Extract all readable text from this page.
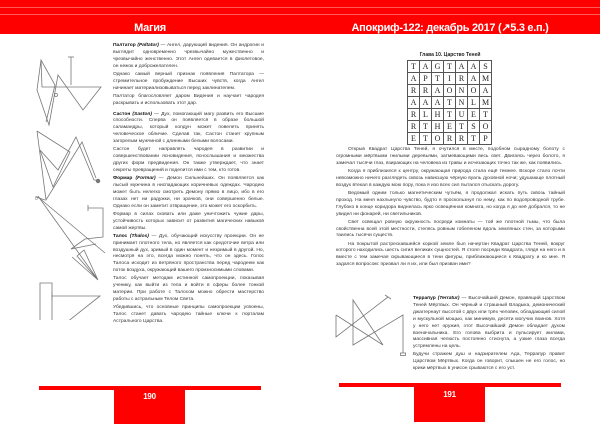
Магия
0

Палтатор (Paltator) — Ангел, дарующий видения. Он андрогин и выглядит одновременно чрезвычайно мужественно и чрезвычайно женственно. Этот Ангел одевается в фиолетовое, он нежок и доброжелателен.

Однако самый верный признак появления Палтатора — стремительное пробуждение Высших чувств, когда Ангел начинает материализовываться перед заклинателем.

Палтатор благословляет даром Видения и научает чародея раскрывать и использовать этот дар.

Састон (Saston) — Дух, помогающий магу развить его Высшие способности. Сперва он появляется в образе большой саламандры, который колдун может повелеть принять человеческое обличие. Сделав так, Састон станет крупным загорелым мужчиной с длинными белыми волосами.

Састон будет направлять чародея в развитии и совершенствовании ясновидения, ясноcлышания и множества других форм предвидения. Он также утверждает, что знает секреты превращений и поделится ими с тем, кто готов.

Формар (Formar) — Демон Сильнейших. Он появляется как лысый мужчина в ниспадающих коричневых одеждах. Чародею может быть нелегко смотреть Демону прямо в лицо, ибо в его глазах нет ни радужки, ни зрачков, они совершенно белые. Однако если он заметит отвращение, это может его оскорбить.

Формар в силах сковать или даже уничтожить чужие дары, устойчивость которых зависит от развития магических навыков самой жертвы.

Талос (Thalos) — Дух, обучающий искусству проекции. Он не принимает плотного тела, но является как средоточие ветра или воздушный дух, зримый в один момент и незримый в другой. Но, несмотря на это, всегда можно понять, что он здесь. Голос Талоса исходит из ветряного пространства перед чародеем как поток воздуха, окружающий вашего произносимыми словами.

Талос обучает методам истинной самопроекции, показывая ученику, как выйти из тела и войти в сферы более тонкой материи. При работе с Талосом можно обрести мастерство работы с астральным Телом Света.

Убедившись, что основные принципы самопроекции усвоены, Талос станет давать чародею тайные ключи к порталам Астрального Царства.

190
Апокриф-122: декабрь 2017 (↗5.3 е.п.)
Глава 10. Царство Теней
T	A	G	T	A	A	S
A	P	T	I	R	A	M
R	R	A	O	N	O	A
A	A	A	T	N	L	M
R	L	H	T	U	E	T
R	T	H	E	T	S	O
E	T	O	R	R	T	P

Открыв Квадрат Царства Теней, я очутился в месте, подобном сырадному болоту с огромными мёртвыми гнилыми деревьями, затмевающими весь свет. Двигаясь через болото, я замечал тысячи глаз, взирающих на человека из травы и исчезающих точно так же, как появились.

Когда я приблизился к центру, окружающая природа стала ещё темнее. Вскоре стало почти невозможно ничего разглядеть сквозь нависшую чёрную вуаль духовной ночи; удушающе плотный воздух втекал в каждую мою пору, пока я изо всех сил пытался отыскать дорогу.

Ведомый одним только магнетическим чутьём, я продолжал искать путь сквозь тайный проход. На меня нахлынуло чувство, будто я проскользнул по нему, как по водопроводной трубе. Глубоко в конце коридора виднелась ярко освещённая комната, но когда я до неё добрался, то не увидел ни фонарей, ни светильников.

Свет освещал ровную окружность посреди комнаты — той же плотной тьмы, что была свойственна всей этой местности, стелясь ровным гобеленом вдоль земляных стен, за которыми таились тысячи существ.

На покрытой растрескавшейся коркой земле был начертан Квадрат Царства Теней, вокруг которого находились шесть сигил великих сущностей. Я стоял посреди Квадрата, глядя на него и в вместе с тем замечая скрывающиеся в тени фигуры, приближающиеся к Квадрату и ко мне. Я задался вопросом: призвал ли я их, или был призван ими?

Террапур (Terratur) — Высочайший Демон, правящий Царством Теней Мёртвых. Он чёрный и страшный Владыка, демонический джаггернаут высотой с двух или трёх человек, обладающий силой и мускульной мощью, как минимум, десяти могучих воинов. Хотя у него нет оружия, этот Высочайший Демон обладает духом военачальника. Его голова выбрита и пульсирует жилами, массивная челюсть постоянно стиснута, а узкие глаза всегда устремлены на цель.

Будучи стражем душ и надзирателем Ада, Террапур правит Царством Мёртвых. Когда он говорит, слышен не его голос, но крики мёртвых в унисон срываются с его уст.

191
